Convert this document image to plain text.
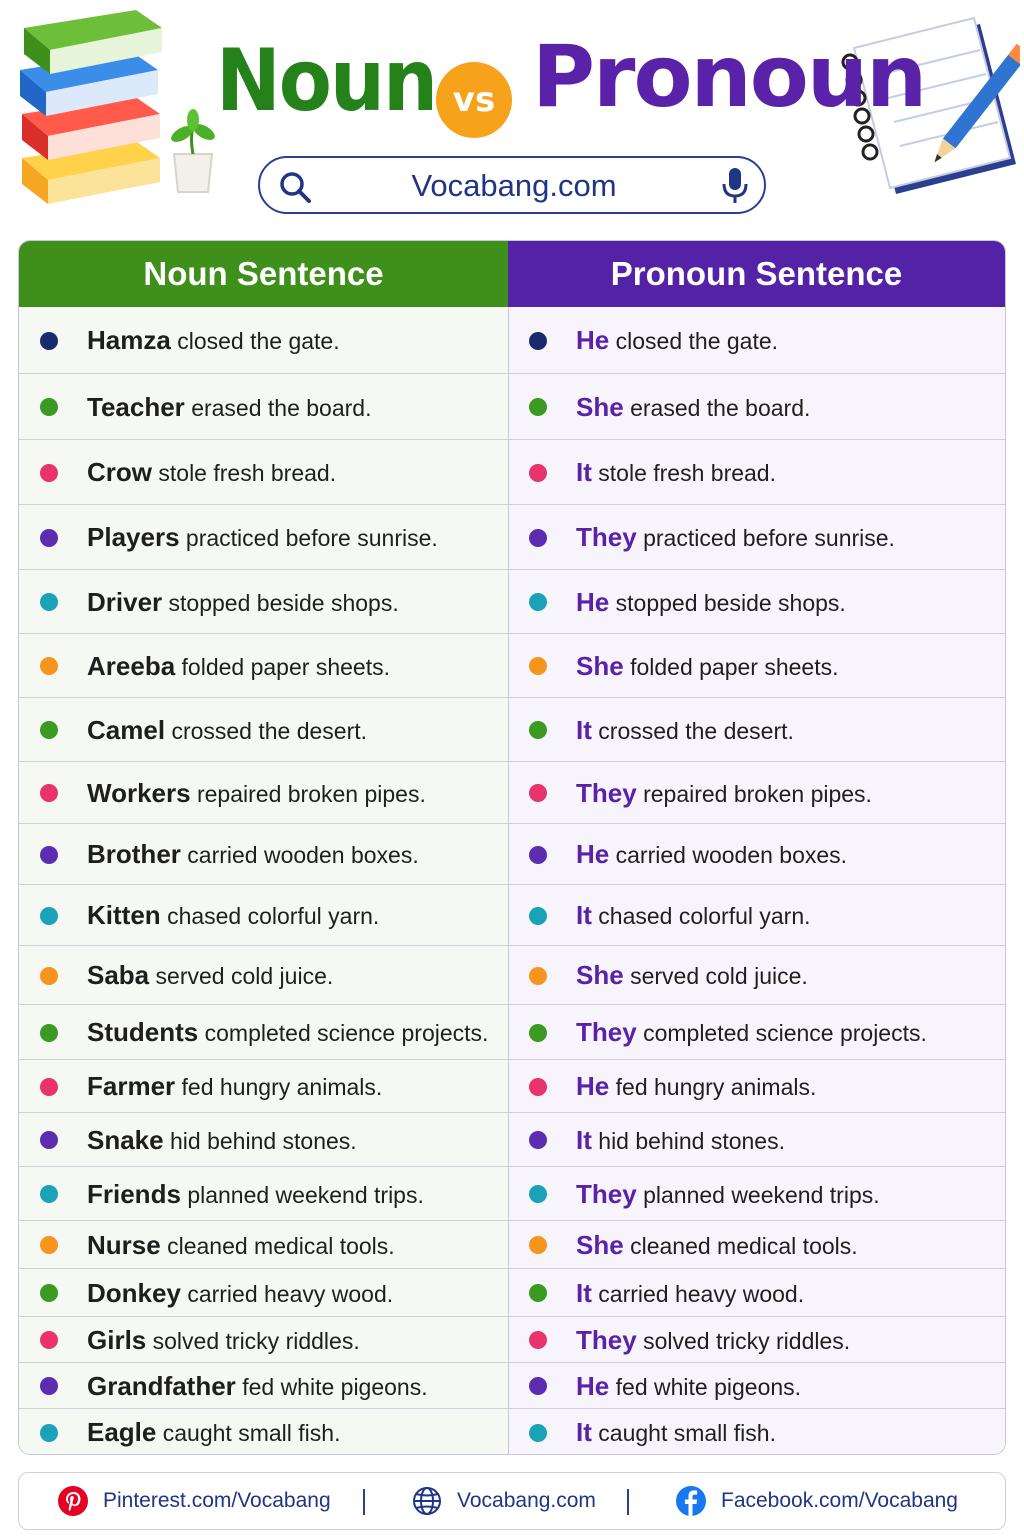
Noun vs Pronoun
Vocabang.com
Noun Sentence	Pronoun Sentence
Hamza closed the gate.	He closed the gate.
Teacher erased the board.	She erased the board.
Crow stole fresh bread.	It stole fresh bread.
Players practiced before sunrise.	They practiced before sunrise.
Driver stopped beside shops.	He stopped beside shops.
Areeba folded paper sheets.	She folded paper sheets.
Camel crossed the desert.	It crossed the desert.
Workers repaired broken pipes.	They repaired broken pipes.
Brother carried wooden boxes.	He carried wooden boxes.
Kitten chased colorful yarn.	It chased colorful yarn.
Saba served cold juice.	She served cold juice.
Students completed science projects.	They completed science projects.
Farmer fed hungry animals.	He fed hungry animals.
Snake hid behind stones.	It hid behind stones.
Friends planned weekend trips.	They planned weekend trips.
Nurse cleaned medical tools.	She cleaned medical tools.
Donkey carried heavy wood.	It carried heavy wood.
Girls solved tricky riddles.	They solved tricky riddles.
Grandfather fed white pigeons.	He fed white pigeons.
Eagle caught small fish.	It caught small fish.
Pinterest.com/Vocabang	Vocabang.com	Facebook.com/Vocabang
